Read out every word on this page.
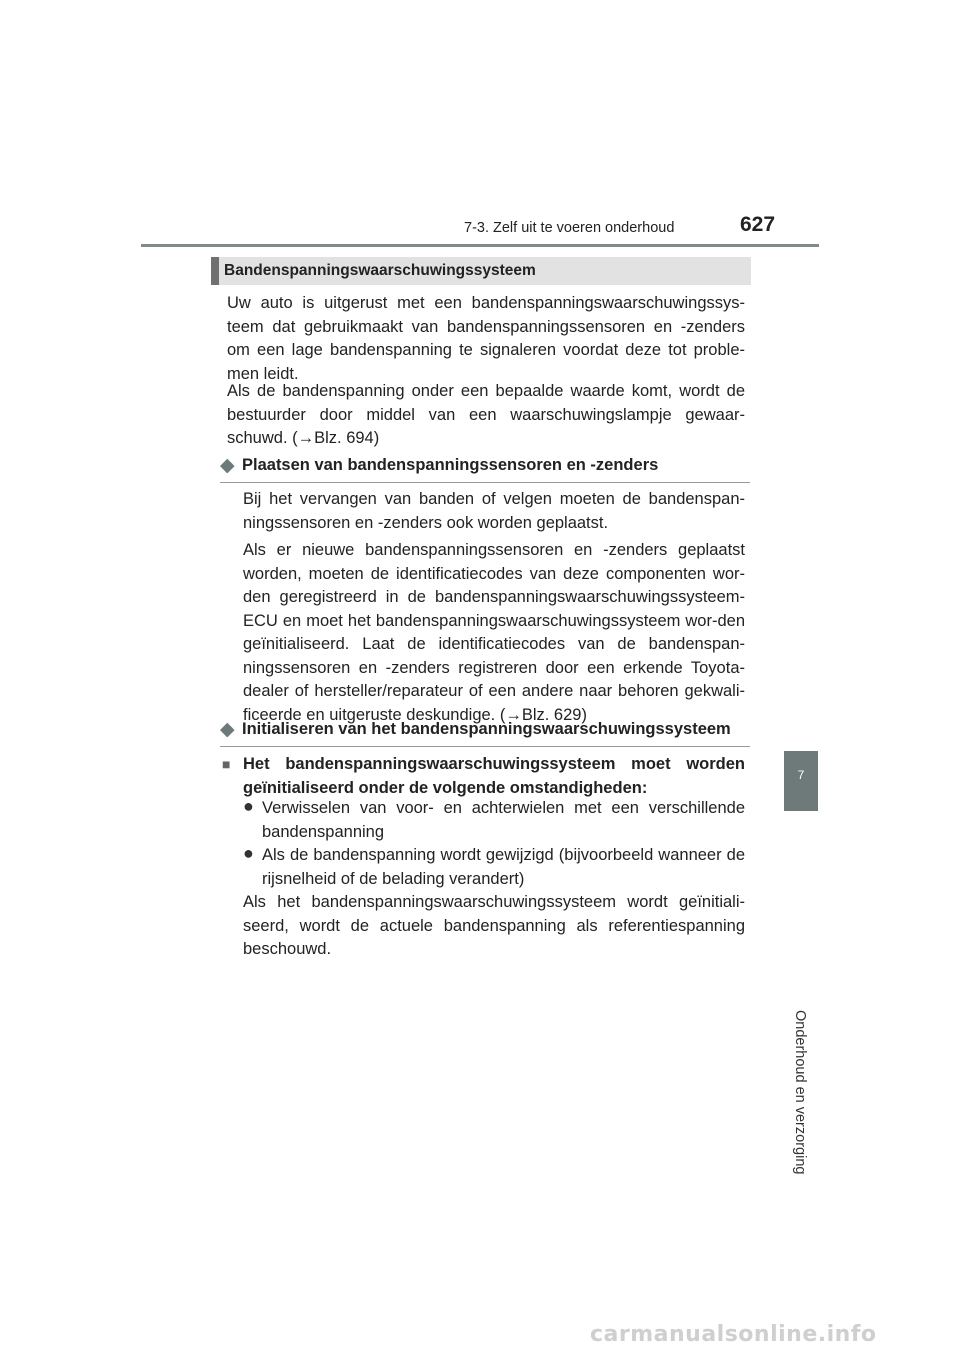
7-3. Zelf uit te voeren onderhoud	627
7
Onderhoud en verzorging
Bandenspanningswaarschuwingssysteem
Uw auto is uitgerust met een bandenspanningswaarschuwingssys-teem dat gebruikmaakt van bandenspanningssensoren en -zenders om een lage bandenspanning te signaleren voordat deze tot proble-men leidt.
Als de bandenspanning onder een bepaalde waarde komt, wordt de bestuurder door middel van een waarschuwingslampje gewaar-schuwd. (→Blz. 694)
◆ Plaatsen van bandenspanningssensoren en -zenders
Bij het vervangen van banden of velgen moeten de bandenspan-ningssensoren en -zenders ook worden geplaatst.
Als er nieuwe bandenspanningssensoren en -zenders geplaatst worden, moeten de identificatiecodes van deze componenten wor-den geregistreerd in de bandenspanningswaarschuwingssysteem-ECU en moet het bandenspanningswaarschuwingssysteem wor-den geïnitialiseerd. Laat de identificatiecodes van de bandenspan-ningssensoren en -zenders registreren door een erkende Toyota-dealer of hersteller/reparateur of een andere naar behoren gekwali-ficeerde en uitgeruste deskundige. (→Blz. 629)
◆ Initialiseren van het bandenspanningswaarschuwingssysteem
■ Het bandenspanningswaarschuwingssysteem moet worden geïnitialiseerd onder de volgende omstandigheden:
● Verwisselen van voor- en achterwielen met een verschillende bandenspanning
● Als de bandenspanning wordt gewijzigd (bijvoorbeeld wanneer de rijsnelheid of de belading verandert)
Als het bandenspanningswaarschuwingssysteem wordt geïnitiali-seerd, wordt de actuele bandenspanning als referentiespanning beschouwd.
carmanualsonline.info
